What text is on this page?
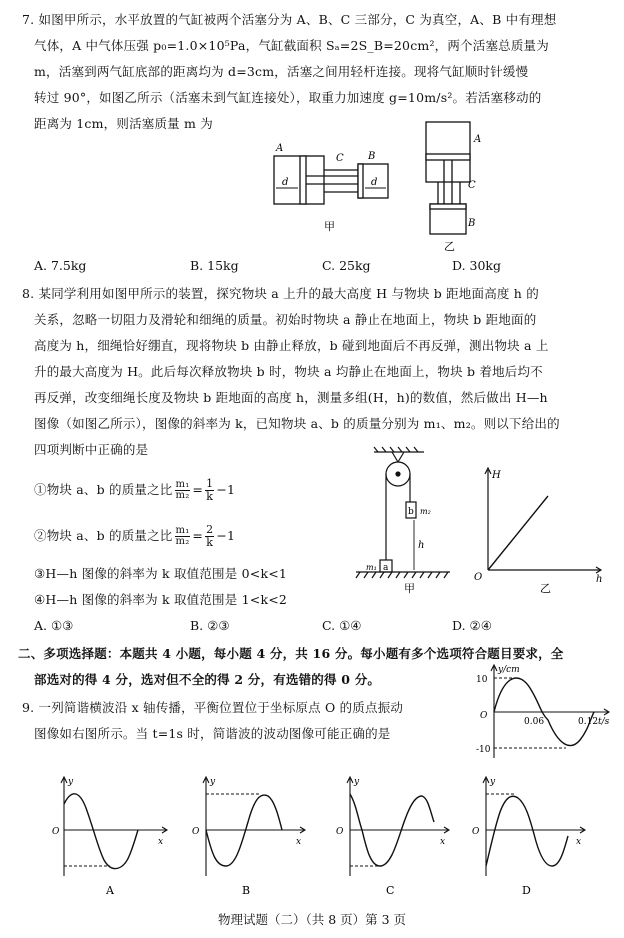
7. 如图甲所示，水平放置的气缸被两个活塞分为 A、B、C 三部分，C 为真空，A、B 中有理想
气体，A 中气体压强 p₀=1.0×10⁵Pa，气缸截面积 Sₐ=2S_B=20cm²，两个活塞总质量为
m，活塞到两气缸底部的距离均为 d=3cm，活塞之间用轻杆连接。现将气缸顺时针缓慢
转过 90°，如图乙所示（活塞未到气缸连接处），取重力加速度 g=10m/s²。若活塞移动的
距离为 1cm，则活塞质量 m 为
A
C B
d	d
甲
A
C
B
乙
A. 7.5kg	B. 15kg	C. 25kg	D. 30kg
8. 某同学利用如图甲所示的装置，探究物块 a 上升的最大高度 H 与物块 b 距地面高度 h 的
关系，忽略一切阻力及滑轮和细绳的质量。初始时物块 a 静止在地面上，物块 b 距地面的
高度为 h，细绳恰好绷直，现将物块 b 由静止释放，b 碰到地面后不再反弹，测出物块 a 上
升的最大高度为 H。此后每次释放物块 b 时，物块 a 均静止在地面上，物块 b 着地后均不
再反弹，改变细绳长度及物块 b 距地面的高度 h，测量多组(H，h)的数值，然后做出 H—h
图像（如图乙所示），图像的斜率为 k，已知物块 a、b 的质量分别为 m₁、m₂。则以下给出的
四项判断中正确的是
①物块 a、b 的质量之比 $\frac{\text{m₁}}{\text{m₂}} = \frac{1}{k} -1$
②物块 a、b 的质量之比 $\frac{\text{m₁}}{\text{m₂}} = \frac{2}{k} -1$
③H—h 图像的斜率为 k 取值范围是 0<k<1
④H—h 图像的斜率为 k 取值范围是 1<k<2
b m₂
h
a
m₁
甲
H
O	h
乙
A. ①③	B. ②③	C. ①④	D. ②④
二、多项选择题：本题共 4 小题，每小题 4 分，共 16 分。每小题有多个选项符合题目要求，全
部选对的得 4 分，选对但不全的得 2 分，有选错的得 0 分。
9. 一列简谐横波沿 x 轴传播，平衡位置位于坐标原点 O 的质点振动
图像如右图所示。当 t=1s 时，简谐波的波动图像可能正确的是
y/cm
10
-10
O
0.06	0.12 t/s
y
O
x
A
y
O
x
B
y
O
x
C
y
O
x
D
物理试题（二）（共 8 页）第 3 页
